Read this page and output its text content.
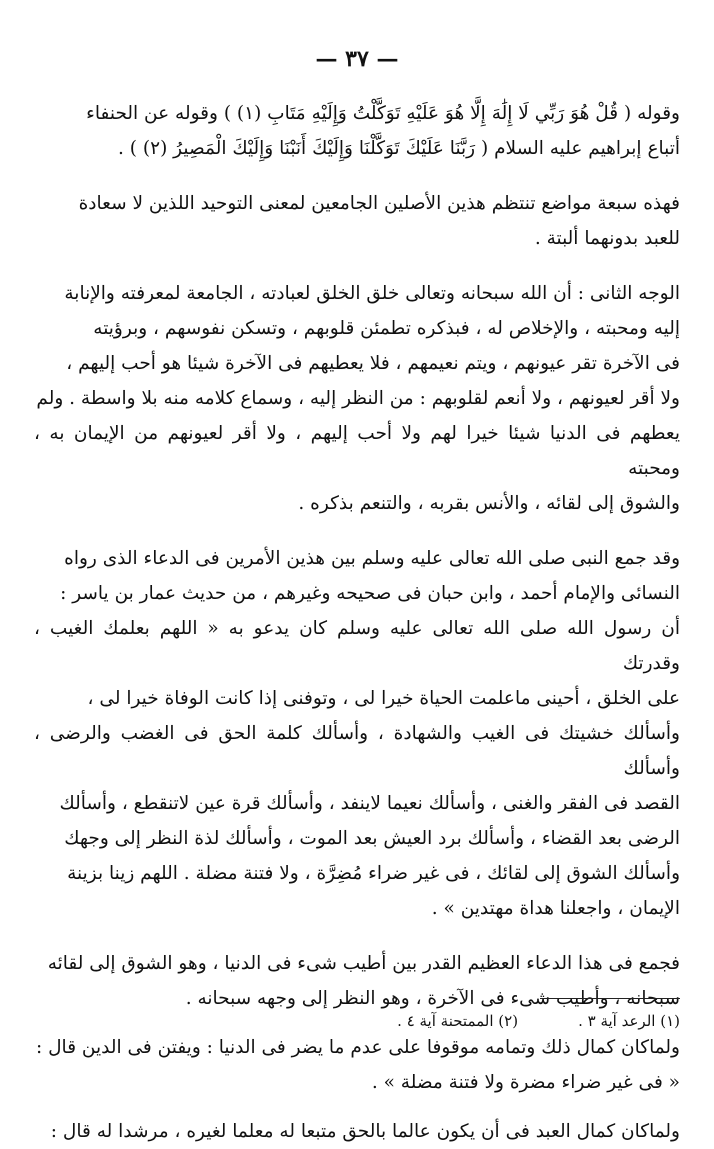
— ٣٧ —

وقوله ( قُلْ هُوَ رَبِّي لَا إِلَٰهَ إِلَّا هُوَ عَلَيْهِ تَوَكَّلْتُ وَإِلَيْهِ مَتَابِ (١) ) وقوله عن الحنفاء
أتباع إبراهيم عليه السلام ( رَبَّنَا عَلَيْكَ تَوَكَّلْنَا وَإِلَيْكَ أَنَبْنَا وَإِلَيْكَ الْمَصِيرُ (٢) ) .

فهذه سبعة مواضع تنتظم هذين الأصلين الجامعين لمعنى التوحيد اللذين لا سعادة
للعبد بدونهما ألبتة .

الوجه الثانى : أن الله سبحانه وتعالى خلق الخلق لعبادته ، الجامعة لمعرفته والإنابة
إليه ومحبته ، والإخلاص له ، فبذكره تطمئن قلوبهم ، وتسكن نفوسهم ، وبرؤيته
فى الآخرة تقر عيونهم ، ويتم نعيمهم ، فلا يعطيهم فى الآخرة شيئا هو أحب إليهم ،
ولا أقر لعيونهم ، ولا أنعم لقلوبهم : من النظر إليه ، وسماع كلامه منه بلا واسطة . ولم
يعطهم فى الدنيا شيئا خيرا لهم ولا أحب إليهم ، ولا أقر لعيونهم من الإيمان به ، ومحبته
والشوق إلى لقائه ، والأنس بقربه ، والتنعم بذكره .

وقد جمع النبى صلى الله تعالى عليه وسلم بين هذين الأمرين فى الدعاء الذى رواه
النسائى والإمام أحمد ، وابن حبان فى صحيحه وغيرهم ، من حديث عمار بن ياسر :
أن رسول الله صلى الله تعالى عليه وسلم كان يدعو به « اللهم بعلمك الغيب ، وقدرتك
على الخلق ، أحينى ماعلمت الحياة خيرا لى ، وتوفنى إذا كانت الوفاة خيرا لى ،
وأسألك خشيتك فى الغيب والشهادة ، وأسألك كلمة الحق فى الغضب والرضى ، وأسألك
القصد فى الفقر والغنى ، وأسألك نعيما لاينفد ، وأسألك قرة عين لاتنقطع ، وأسألك
الرضى بعد القضاء ، وأسألك برد العيش بعد الموت ، وأسألك لذة النظر إلى وجهك
وأسألك الشوق إلى لقائك ، فى غير ضراء مُضِرَّة ، ولا فتنة مضلة . اللهم زينا بزينة
الإيمان ، واجعلنا هداة مهتدين » .

فجمع فى هذا الدعاء العظيم القدر بين أطيب شىء فى الدنيا ، وهو الشوق إلى لقائه
سبحانه ، وأطيب شىء فى الآخرة ، وهو النظر إلى وجهه سبحانه .

ولماكان كمال ذلك وتمامه موقوفا على عدم ما يضر فى الدنيا : ويفتن فى الدين قال :
« فى غير ضراء مضرة ولا فتنة مضلة » .

ولماكان كمال العبد فى أن يكون عالما بالحق متبعا له معلما لغيره ، مرشدا له قال :

(١) الرعد آية ٣ .
(٢) الممتحنة آية ٤ .
